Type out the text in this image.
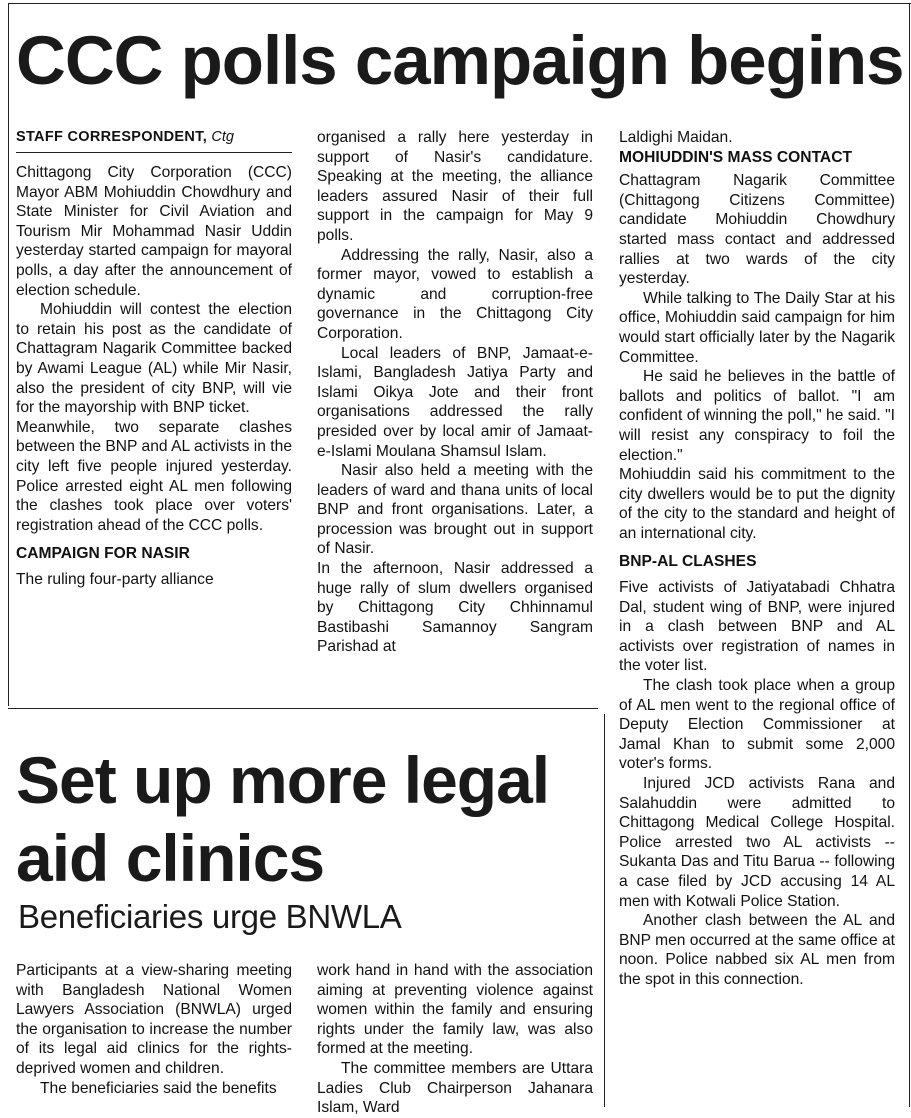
CCC polls campaign begins
STAFF CORRESPONDENT, Ctg

Chittagong City Corporation (CCC) Mayor ABM Mohiuddin Chowdhury and State Minister for Civil Aviation and Tourism Mir Mohammad Nasir Uddin yesterday started campaign for mayoral polls, a day after the announcement of election schedule.

Mohiuddin will contest the election to retain his post as the candidate of Chattagram Nagarik Committee backed by Awami League (AL) while Mir Nasir, also the president of city BNP, will vie for the mayorship with BNP ticket.

Meanwhile, two separate clashes between the BNP and AL activists in the city left five people injured yesterday. Police arrested eight AL men following the clashes took place over voters' registration ahead of the CCC polls.

CAMPAIGN FOR NASIR

The ruling four-party alliance

organised a rally here yesterday in support of Nasir's candidature. Speaking at the meeting, the alliance leaders assured Nasir of their full support in the campaign for May 9 polls.

Addressing the rally, Nasir, also a former mayor, vowed to establish a dynamic and corruption-free governance in the Chittagong City Corporation.

Local leaders of BNP, Jamaat-e-Islami, Bangladesh Jatiya Party and Islami Oikya Jote and their front organisations addressed the rally presided over by local amir of Jamaat-e-Islami Moulana Shamsul Islam.

Nasir also held a meeting with the leaders of ward and thana units of local BNP and front organisations. Later, a procession was brought out in support of Nasir.

In the afternoon, Nasir addressed a huge rally of slum dwellers organised by Chittagong City Chhinnamul Bastibashi Samannoy Sangram Parishad at

Laldighi Maidan.

MOHIUDDIN'S MASS CONTACT

Chattagram Nagarik Committee (Chittagong Citizens Committee) candidate Mohiuddin Chowdhury started mass contact and addressed rallies at two wards of the city yesterday.

While talking to The Daily Star at his office, Mohiuddin said campaign for him would start officially later by the Nagarik Committee.

He said he believes in the battle of ballots and politics of ballot. "I am confident of winning the poll," he said. "I will resist any conspiracy to foil the election."

Mohiuddin said his commitment to the city dwellers would be to put the dignity of the city to the standard and height of an international city.

BNP-AL CLASHES

Five activists of Jatiyatabadi Chhatra Dal, student wing of BNP, were injured in a clash between BNP and AL activists over registration of names in the voter list.

The clash took place when a group of AL men went to the regional office of Deputy Election Commissioner at Jamal Khan to submit some 2,000 voter's forms.

Injured JCD activists Rana and Salahuddin were admitted to Chittagong Medical College Hospital. Police arrested two AL activists -- Sukanta Das and Titu Barua -- following a case filed by JCD accusing 14 AL men with Kotwali Police Station.

Another clash between the AL and BNP men occurred at the same office at noon. Police nabbed six AL men from the spot in this connection.

Set up more legal
aid clinics
Beneficiaries urge BNWLA

Participants at a view-sharing meeting with Bangladesh National Women Lawyers Association (BNWLA) urged the organisation to increase the number of its legal aid clinics for the rights-deprived women and children.

The beneficiaries said the benefits

work hand in hand with the association aiming at preventing violence against women within the family and ensuring rights under the family law, was also formed at the meeting.

The committee members are Uttara Ladies Club Chairperson Jahanara Islam, Ward
